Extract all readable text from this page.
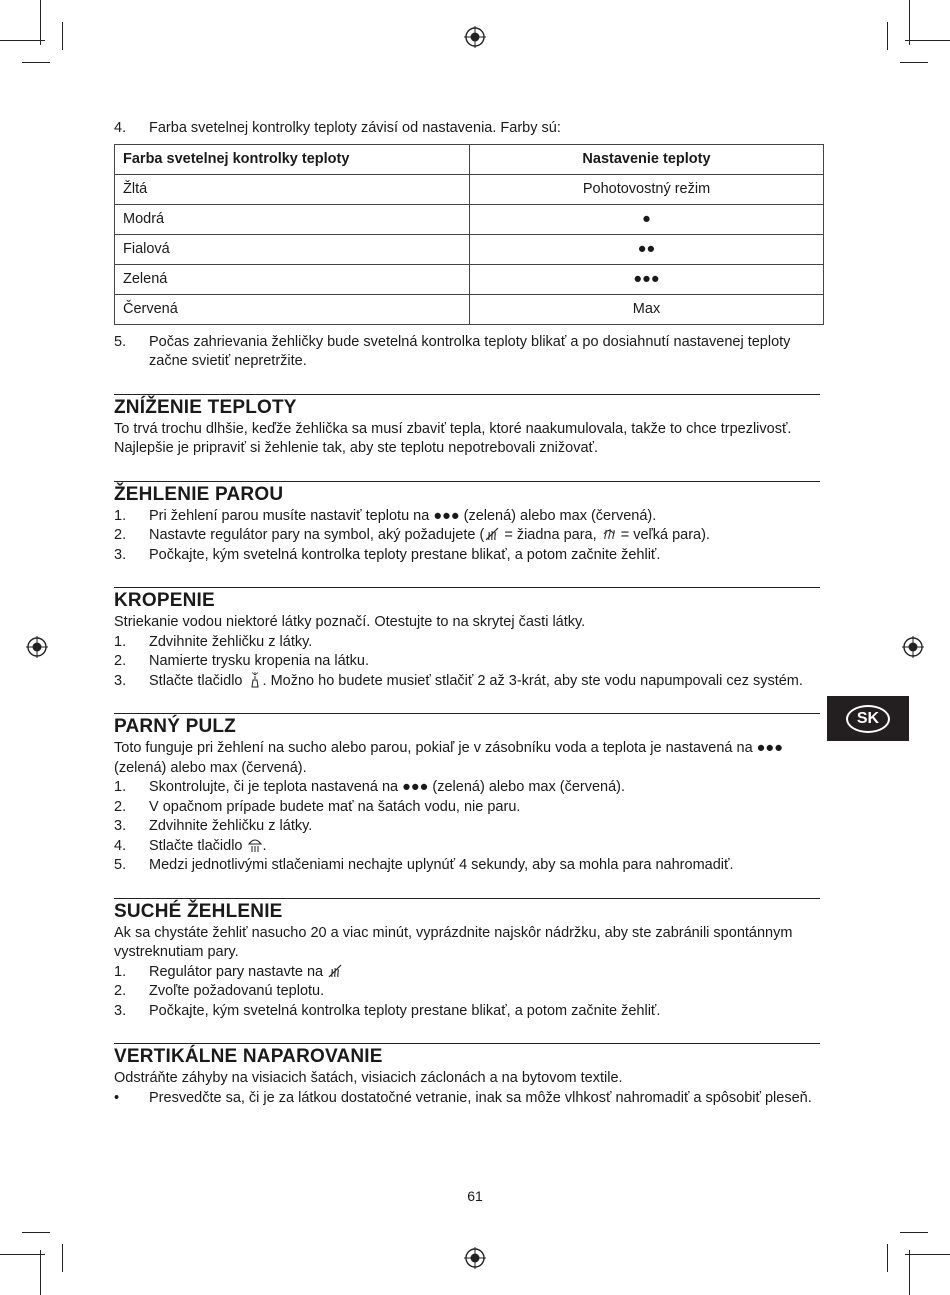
SK
4.	Farba svetelnej kontrolky teploty závisí od nastavenia. Farby sú:
Farba svetelnej kontrolky teploty	Nastavenie teploty
Žltá	Pohotovostný režim
Modrá	●
Fialová	●●
Zelená	●●●
Červená	Max
5.	Počas zahrievania žehličky bude svetelná kontrolka teploty blikať a po dosiahnutí nastavenej teploty začne svietiť nepretržite.
ZNÍŽENIE TEPLOTY

To trvá trochu dlhšie, keďže žehlička sa musí zbaviť tepla, ktoré naakumulovala, takže to chce trpezlivosť. Najlepšie je pripraviť si žehlenie tak, aby ste teplotu nepotrebovali znižovať.

ŽEHLENIE PAROU
1.	Pri žehlení parou musíte nastaviť teplotu na ●●● (zelená) alebo max (červená).
2.	Nastavte regulátor pary na symbol, aký požadujete (
= žiadna para,
= veľká para).
3.	Počkajte, kým svetelná kontrolka teploty prestane blikať, a potom začnite žehliť.
KROPENIE

Striekanie vodou niektoré látky poznačí. Otestujte to na skrytej časti látky.

1.	Zdvihnite žehličku z látky.
2.	Namierte trysku kropenia na látku.
3.	Stlačte tlačidlo
. Možno ho budete musieť stlačiť 2 až 3-krát, aby ste vodu napumpovali cez systém.
PARNÝ PULZ

Toto funguje pri žehlení na sucho alebo parou, pokiaľ je v zásobníku voda a teplota je nastavená na ●●● (zelená) alebo max (červená).

1.	Skontrolujte, či je teplota nastavená na ●●● (zelená) alebo max (červená).
2.	V opačnom prípade budete mať na šatách vodu, nie paru.
3.	Zdvihnite žehličku z látky.
4.	Stlačte tlačidlo
.
5.	Medzi jednotlivými stlačeniami nechajte uplynúť 4 sekundy, aby sa mohla para nahromadiť.
SUCHÉ ŽEHLENIE

Ak sa chystáte žehliť nasucho 20 a viac minút, vyprázdnite najskôr nádržku, aby ste zabránili spontánnym vystreknutiam pary.

1.	Regulátor pary nastavte na
2.	Zvoľte požadovanú teplotu.
3.	Počkajte, kým svetelná kontrolka teploty prestane blikať, a potom začnite žehliť.
VERTIKÁLNE NAPAROVANIE

Odstráňte záhyby na visiacich šatách, visiacich záclonách a na bytovom textile.

•	Presvedčte sa, či je za látkou dostatočné vetranie, inak sa môže vlhkosť nahromadiť a spôsobiť pleseň.
61
